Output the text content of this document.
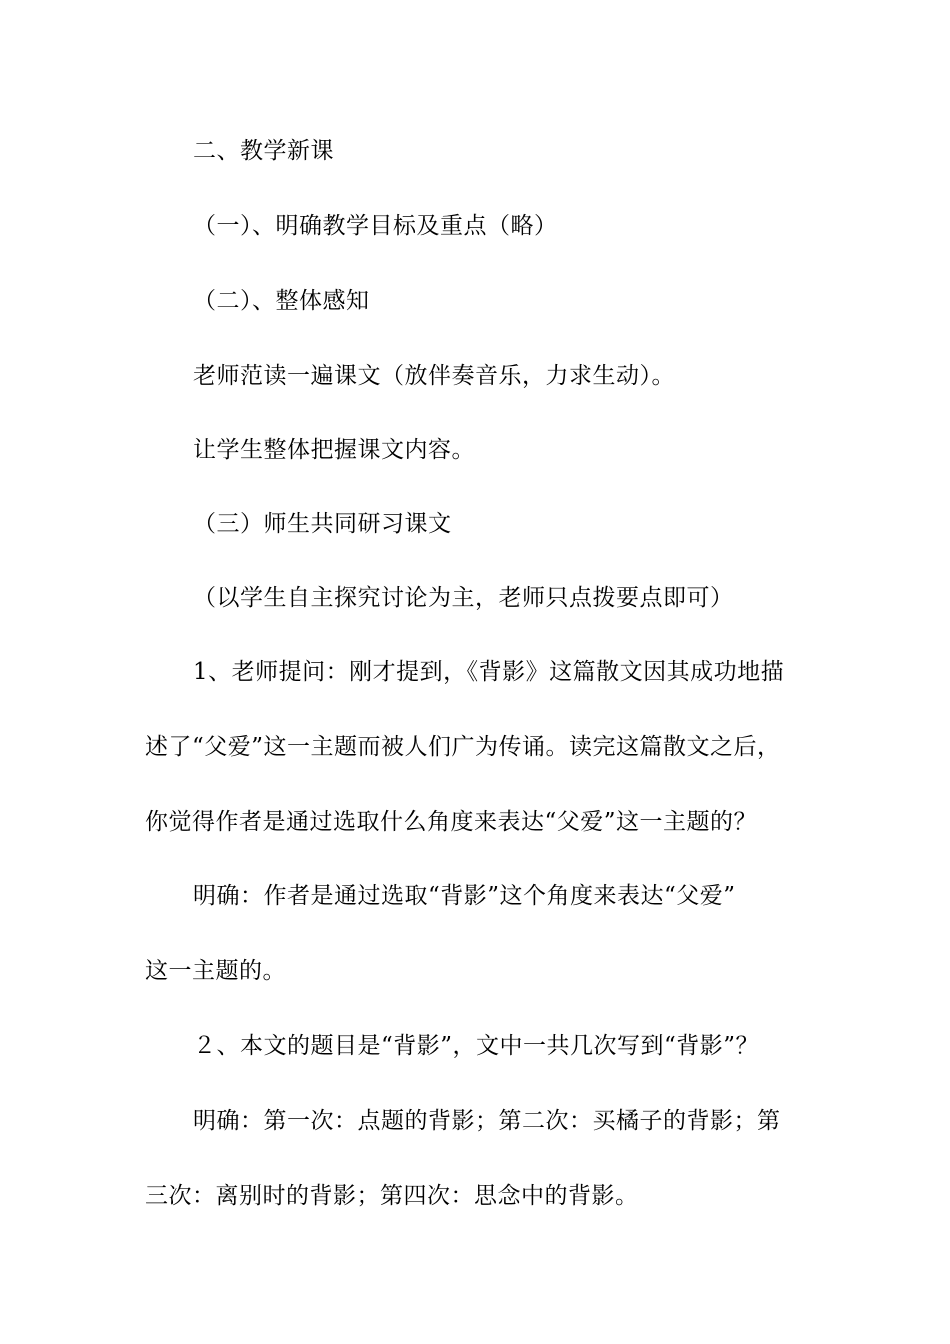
二、教学新课
（一）、明确教学目标及重点（略）
（二）、整体感知
老师范读一遍课文（放伴奏音乐，力求生动）。
让学生整体把握课文内容。
（三）师生共同研习课文
（以学生自主探究讨论为主，老师只点拨要点即可）
1、老师提问：刚才提到，《背影》这篇散文因其成功地描
述了“父爱”这一主题而被人们广为传诵。读完这篇散文之后，
你觉得作者是通过选取什么角度来表达“父爱”这一主题的？
明确：作者是通过选取“背影”这个角度来表达“父爱”
这一主题的。
２、本文的题目是“背影”，文中一共几次写到“背影”？
明确：第一次：点题的背影；第二次：买橘子的背影；第
三次：离别时的背影；第四次：思念中的背影。
